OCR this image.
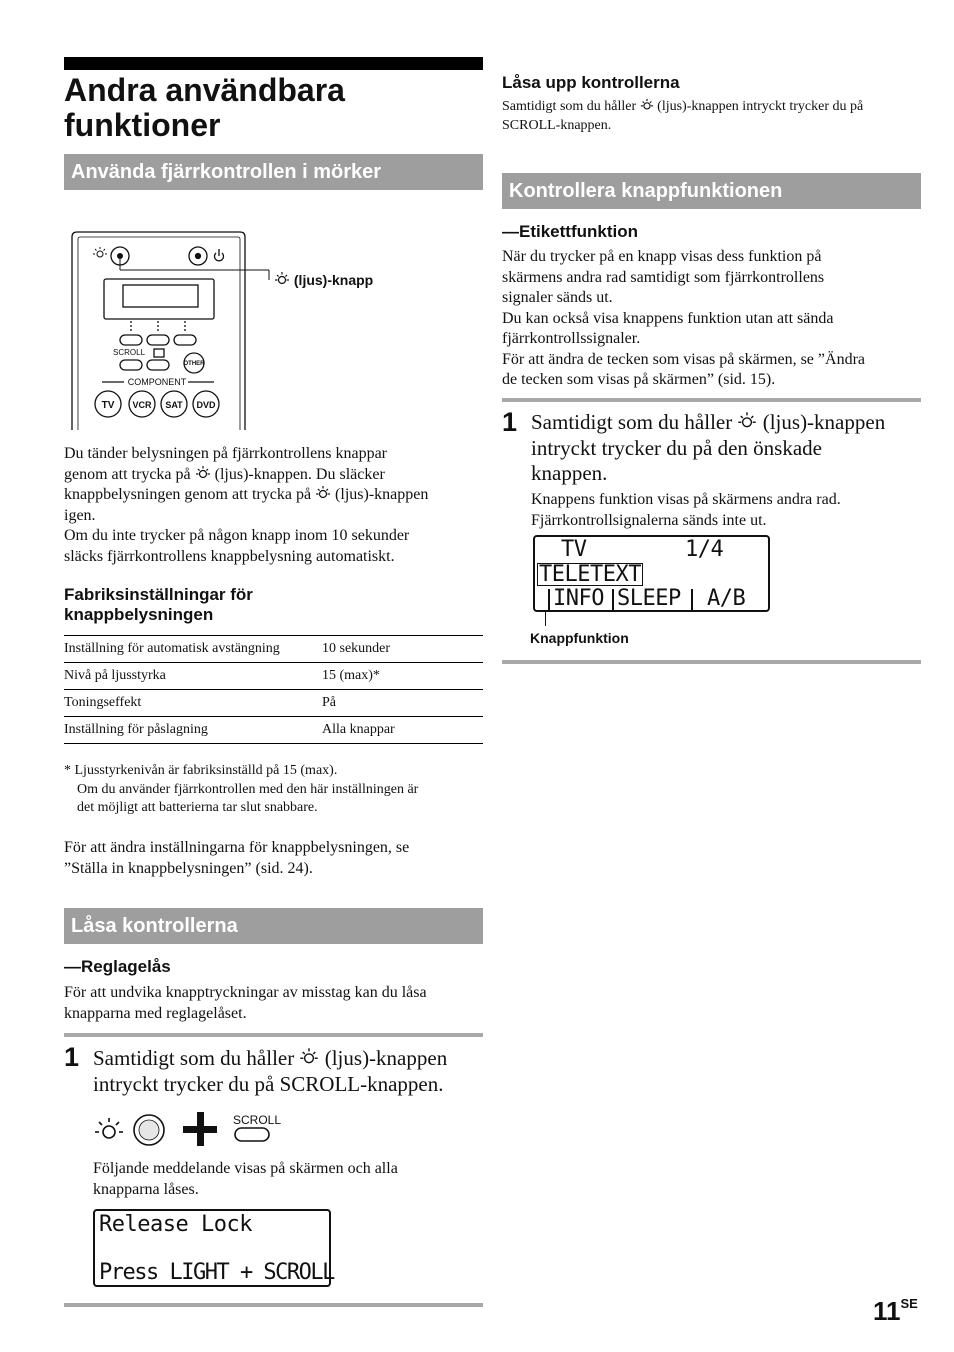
Andra användbara funktioner
Använda fjärrkontrollen i mörker
SCROLL
OTHER
COMPONENT
TV VCR SAT DVD
(ljus)-knapp

Du tänder belysningen på fjärrkontrollens knappar

genom att trycka på (ljus)-knappen. Du släcker

knappbelysningen genom att trycka på (ljus)-knappen

igen.

Om du inte trycker på någon knapp inom 10 sekunder

släcks fjärrkontrollens knappbelysning automatiskt.

Fabriksinställningar för
knappbelysningen
Inställning för automatisk avstängning	10 sekunder
Nivå på ljusstyrka	15 (max)*
Toningseffekt	På
Inställning för påslagning	Alla knappar

* Ljusstyrkenivån är fabriksinställd på 15 (max).

Om du använder fjärrkontrollen med den här inställningen är

det möjligt att batterierna tar slut snabbare.

För att ändra inställningarna för knappbelysningen, se

”Ställa in knappbelysningen” (sid. 24).

Låsa kontrollerna
—Reglagelås

För att undvika knapptryckningar av misstag kan du låsa

knapparna med reglagelåset.

1 Samtidigt som du håller (ljus)-knappen
intryckt trycker du på SCROLL-knappen.
SCROLL

Följande meddelande visas på skärmen och alla

knapparna låses.

Release Lock
Press LIGHT + SCROLL
Låsa upp kontrollerna

Samtidigt som du håller (ljus)-knappen intryckt trycker du på

SCROLL-knappen.

Kontrollera knappfunktionen
—Etikettfunktion

När du trycker på en knapp visas dess funktion på

skärmens andra rad samtidigt som fjärrkontrollens

signaler sänds ut.

Du kan också visa knappens funktion utan att sända

fjärrkontrollssignaler.

För att ändra de tecken som visas på skärmen, se ”Ändra

de tecken som visas på skärmen” (sid. 15).

1 Samtidigt som du håller (ljus)-knappen
intryckt trycker du på den önskade
knappen.

Knappens funktion visas på skärmens andra rad.

Fjärrkontrollsignalerna sänds inte ut.

TV	1/4
TELETEXT
INFO SLEEP A/B
Knappfunktion
$11^{SE}$
